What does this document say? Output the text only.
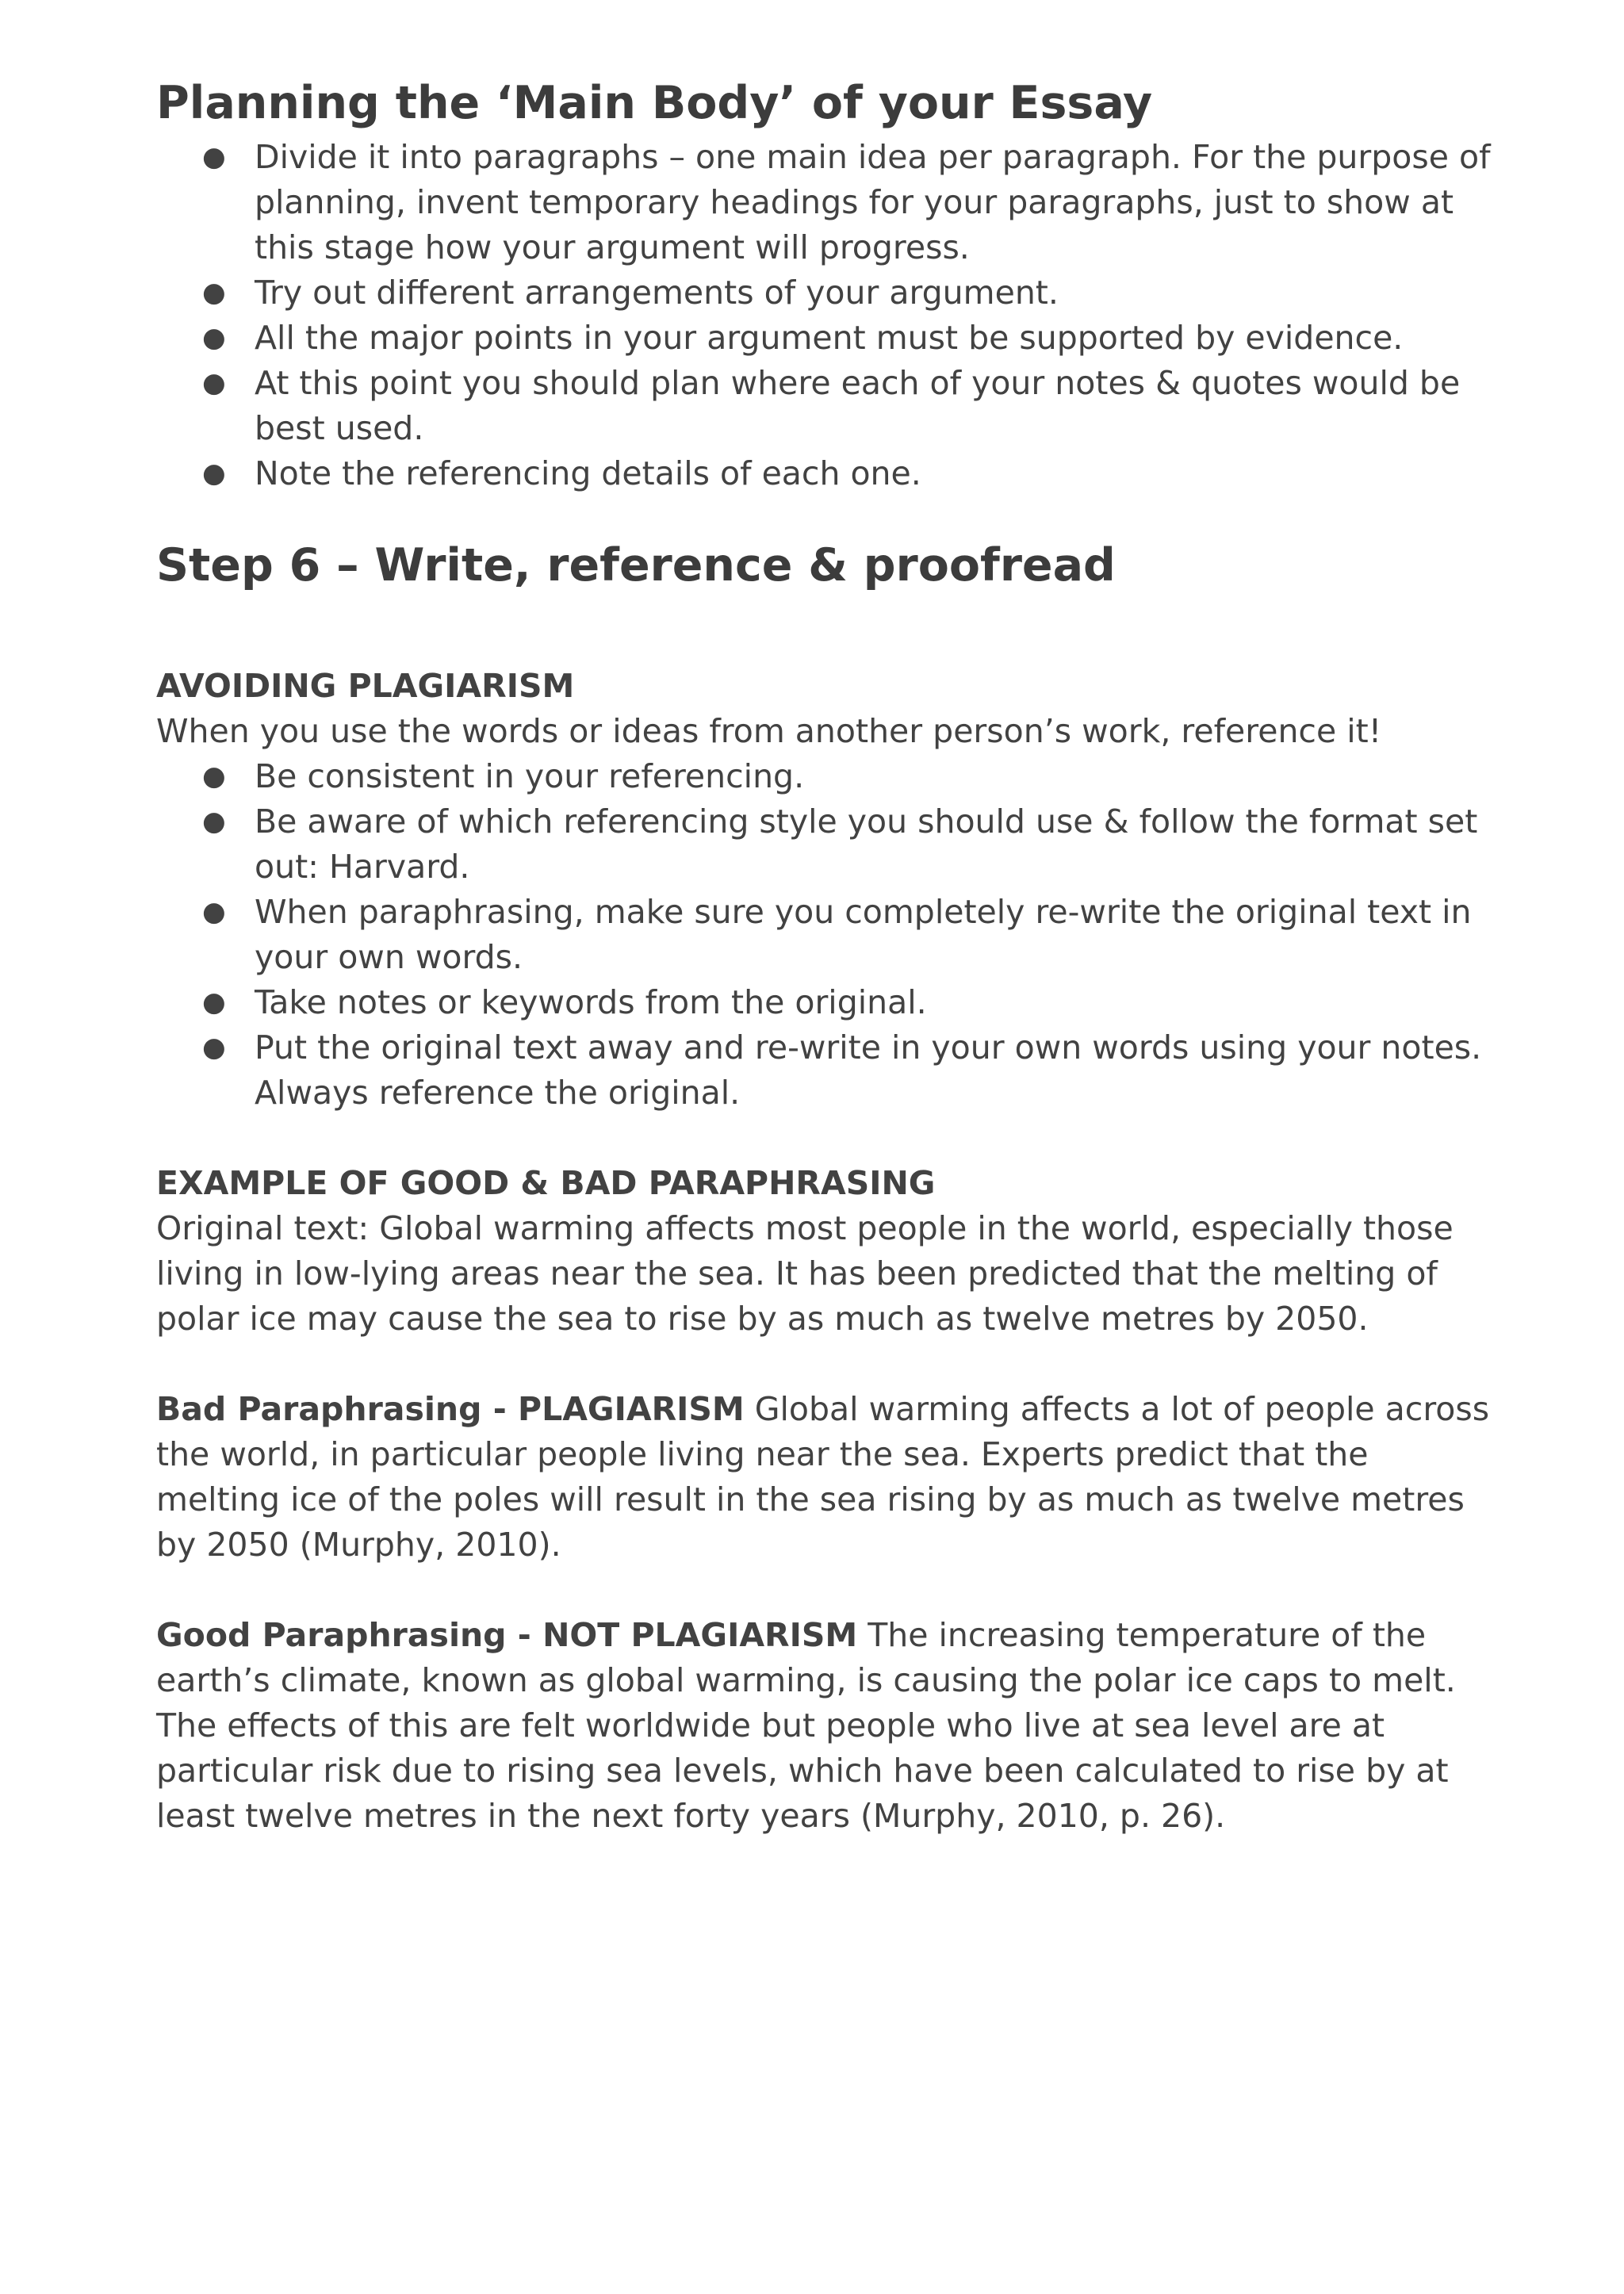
Planning the ‘Main Body’ of your Essay
● Divide it into paragraphs – one main idea per paragraph. For the purpose of planning, invent temporary headings for your paragraphs, just to show at this stage how your argument will progress.
● Try out different arrangements of your argument.
● All the major points in your argument must be supported by evidence.
● At this point you should plan where each of your notes & quotes would be best used.
● Note the referencing details of each one.
Step 6 – Write, reference & proofread
AVOIDING PLAGIARISM

When you use the words or ideas from another person’s work, reference it!

● Be consistent in your referencing.
● Be aware of which referencing style you should use & follow the format set out: Harvard.
● When paraphrasing, make sure you completely re-write the original text in your own words.
● Take notes or keywords from the original.
● Put the original text away and re-write in your own words using your notes. Always reference the original.
EXAMPLE OF GOOD & BAD PARAPHRASING

Original text: Global warming affects most people in the world, especially those living in low-lying areas near the sea. It has been predicted that the melting of polar ice may cause the sea to rise by as much as twelve metres by 2050.

Bad Paraphrasing - PLAGIARISM Global warming affects a lot of people across the world, in particular people living near the sea. Experts predict that the melting ice of the poles will result in the sea rising by as much as twelve metres by 2050 (Murphy, 2010).

Good Paraphrasing - NOT PLAGIARISM The increasing temperature of the earth’s climate, known as global warming, is causing the polar ice caps to melt. The effects of this are felt worldwide but people who live at sea level are at particular risk due to rising sea levels, which have been calculated to rise by at least twelve metres in the next forty years (Murphy, 2010, p. 26).
